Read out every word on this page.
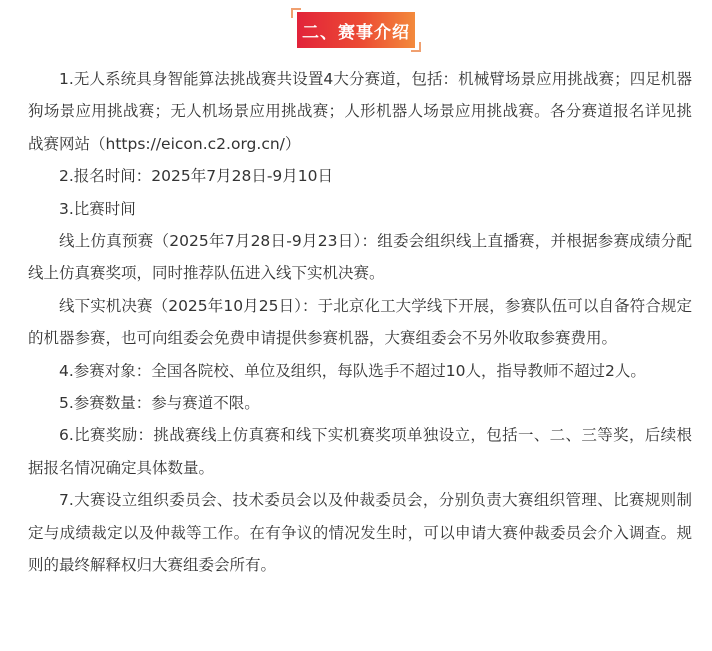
二、赛事介绍

1.无人系统具身智能算法挑战赛共设置4大分赛道，包括：机械臂场景应用挑战赛；四足机器狗场景应用挑战赛；无人机场景应用挑战赛；人形机器人场景应用挑战赛。各分赛道报名详见挑战赛网站（https://eicon.c2.org.cn/）

2.报名时间：2025年7月28日-9月10日

3.比赛时间

线上仿真预赛（2025年7月28日-9月23日）：组委会组织线上直播赛，并根据参赛成绩分配线上仿真赛奖项，同时推荐队伍进入线下实机决赛。

线下实机决赛（2025年10月25日）：于北京化工大学线下开展，参赛队伍可以自备符合规定的机器参赛，也可向组委会免费申请提供参赛机器，大赛组委会不另外收取参赛费用。

4.参赛对象：全国各院校、单位及组织，每队选手不超过10人，指导教师不超过2人。

5.参赛数量：参与赛道不限。

6.比赛奖励：挑战赛线上仿真赛和线下实机赛奖项单独设立，包括一、二、三等奖，后续根据报名情况确定具体数量。

7.大赛设立组织委员会、技术委员会以及仲裁委员会，分别负责大赛组织管理、比赛规则制定与成绩裁定以及仲裁等工作。在有争议的情况发生时，可以申请大赛仲裁委员会介入调查。规则的最终解释权归大赛组委会所有。
